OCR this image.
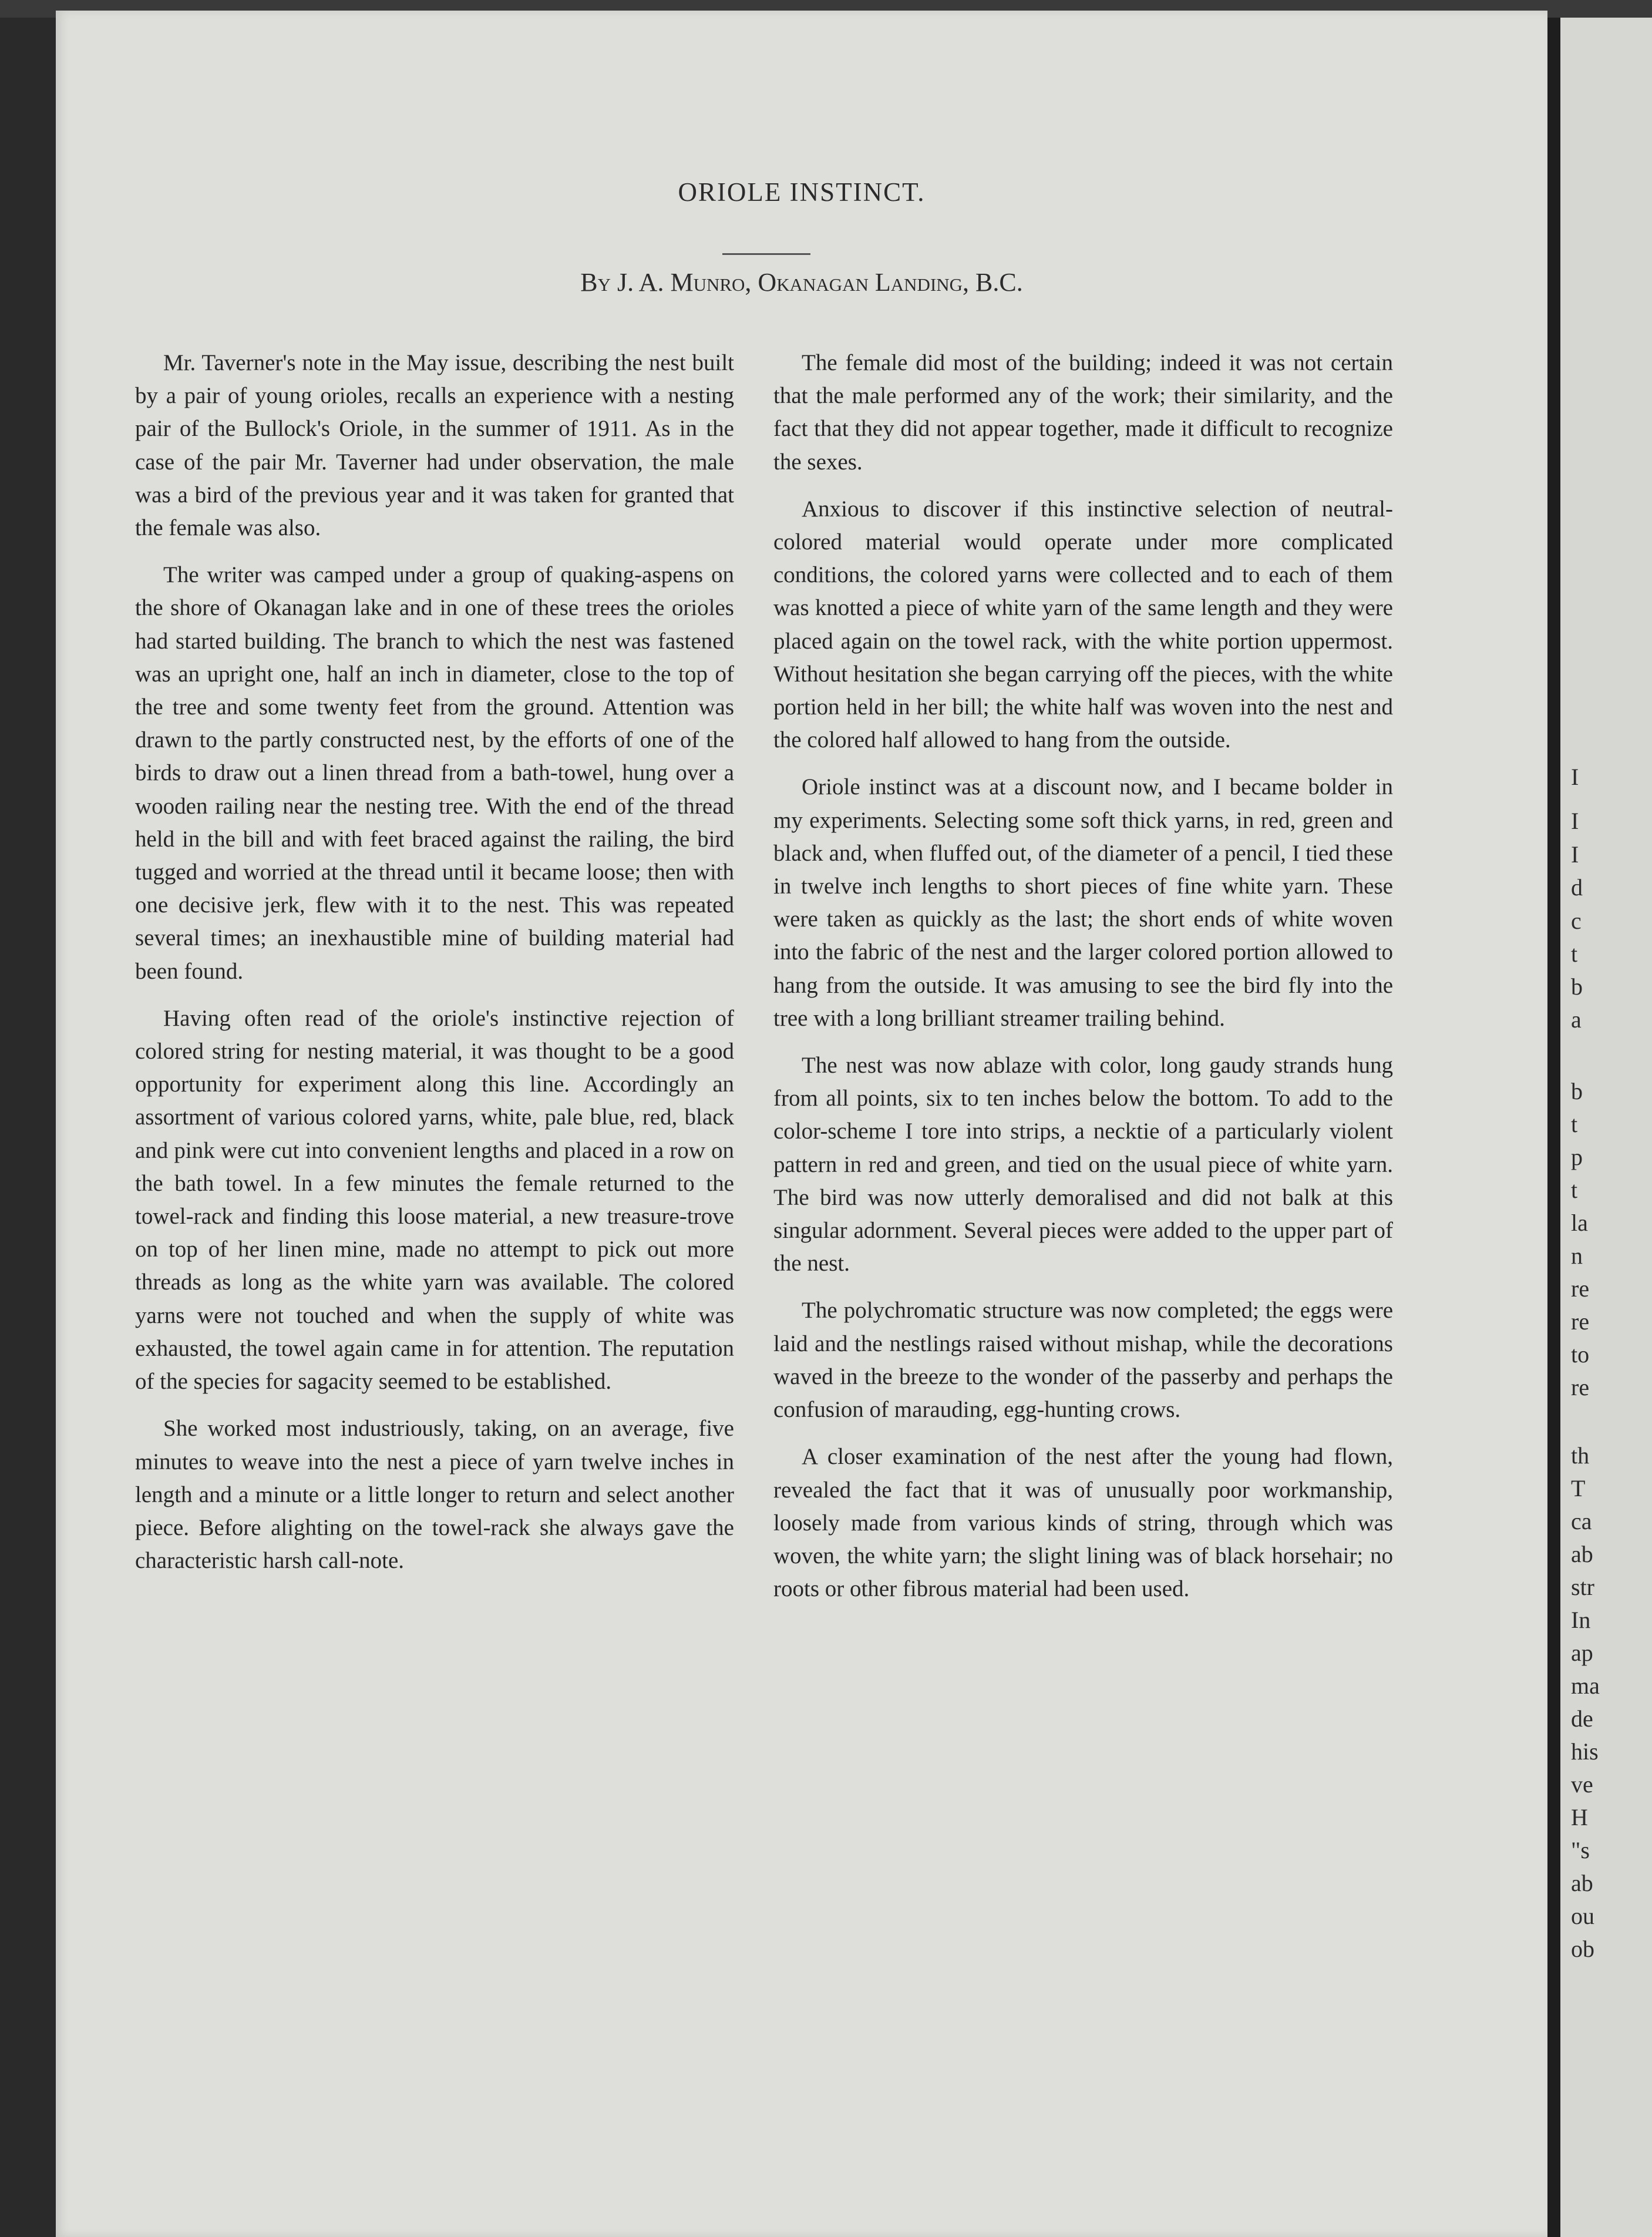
ORIOLE INSTINCT.
By J. A. Munro, Okanagan Landing, B.C.

Mr. Taverner's note in the May issue, describing the nest built by a pair of young orioles, recalls an experience with a nesting pair of the Bullock's Oriole, in the summer of 1911. As in the case of the pair Mr. Taverner had under observation, the male was a bird of the previous year and it was taken for granted that the female was also.

The writer was camped under a group of quaking-aspens on the shore of Okanagan lake and in one of these trees the orioles had started building. The branch to which the nest was fastened was an upright one, half an inch in diameter, close to the top of the tree and some twenty feet from the ground. Attention was drawn to the partly constructed nest, by the efforts of one of the birds to draw out a linen thread from a bath-towel, hung over a wooden railing near the nesting tree. With the end of the thread held in the bill and with feet braced against the railing, the bird tugged and worried at the thread until it became loose; then with one decisive jerk, flew with it to the nest. This was repeated several times; an inexhaustible mine of building material had been found.

Having often read of the oriole's instinctive rejection of colored string for nesting material, it was thought to be a good opportunity for experiment along this line. Accordingly an assortment of various colored yarns, white, pale blue, red, black and pink were cut into convenient lengths and placed in a row on the bath towel. In a few minutes the female returned to the towel-rack and finding this loose material, a new treasure-trove on top of her linen mine, made no attempt to pick out more threads as long as the white yarn was available. The colored yarns were not touched and when the supply of white was exhausted, the towel again came in for attention. The reputation of the species for sagacity seemed to be established.

She worked most industriously, taking, on an average, five minutes to weave into the nest a piece of yarn twelve inches in length and a minute or a little longer to return and select another piece. Before alighting on the towel-rack she always gave the characteristic harsh call-note.

The female did most of the building; indeed it was not certain that the male performed any of the work; their similarity, and the fact that they did not appear together, made it difficult to recognize the sexes.

Anxious to discover if this instinctive selection of neutral-colored material would operate under more complicated conditions, the colored yarns were collected and to each of them was knotted a piece of white yarn of the same length and they were placed again on the towel rack, with the white portion uppermost. Without hesitation she began carrying off the pieces, with the white portion held in her bill; the white half was woven into the nest and the colored half allowed to hang from the outside.

Oriole instinct was at a discount now, and I became bolder in my experiments. Selecting some soft thick yarns, in red, green and black and, when fluffed out, of the diameter of a pencil, I tied these in twelve inch lengths to short pieces of fine white yarn. These were taken as quickly as the last; the short ends of white woven into the fabric of the nest and the larger colored portion allowed to hang from the outside. It was amusing to see the bird fly into the tree with a long brilliant streamer trailing behind.

The nest was now ablaze with color, long gaudy strands hung from all points, six to ten inches below the bottom. To add to the color-scheme I tore into strips, a necktie of a particularly violent pattern in red and green, and tied on the usual piece of white yarn. The bird was now utterly demoralised and did not balk at this singular adornment. Several pieces were added to the upper part of the nest.

The polychromatic structure was now completed; the eggs were laid and the nestlings raised without mishap, while the decorations waved in the breeze to the wonder of the passerby and perhaps the confusion of marauding, egg-hunting crows.

A closer examination of the nest after the young had flown, revealed the fact that it was of unusually poor workmanship, loosely made from various kinds of string, through which was woven, the white yarn; the slight lining was of black horsehair; no roots or other fibrous material had been used.

I
I
I
d
c
t
b
a
b
t
p
t
la
n
re
re
to
re
th
T
ca
ab
str
In
ap
ma
de
his
ve
H
"s
ab
ou
ob
